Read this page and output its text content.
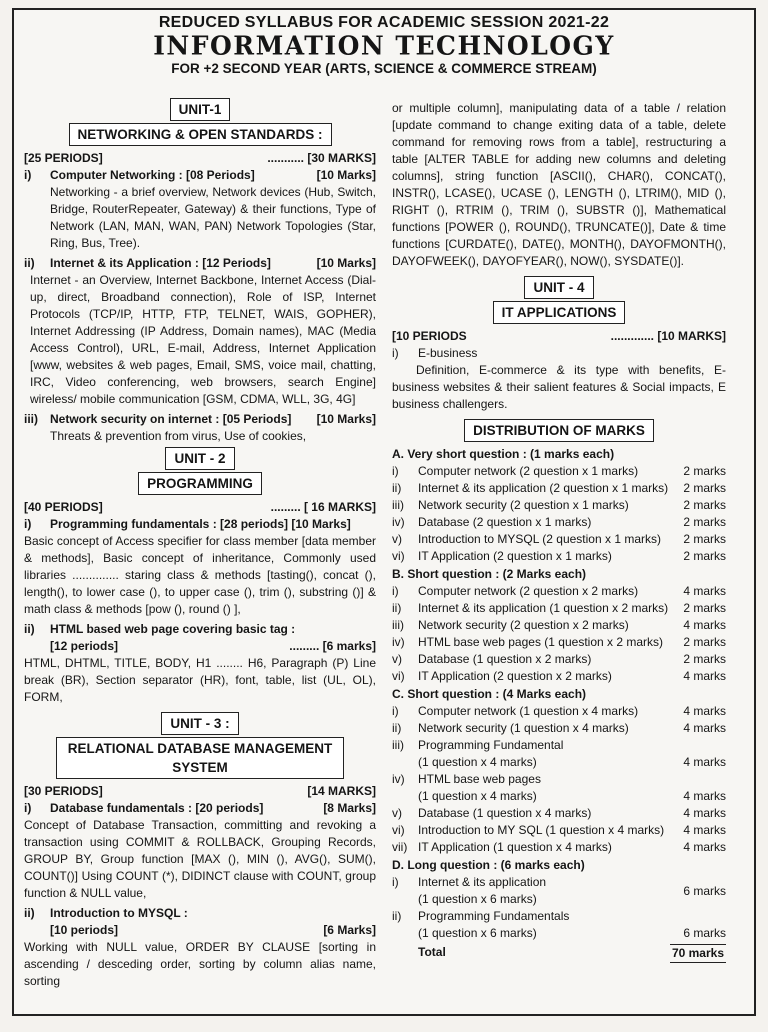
REDUCED SYLLABUS FOR ACADEMIC SESSION 2021-22
INFORMATION TECHNOLOGY
FOR +2 SECOND YEAR (ARTS, SCIENCE & COMMERCE STREAM)
UNIT-1
NETWORKING & OPEN STANDARDS :
[25 PERIODS]	........... [30 MARKS]
i)	Computer Networking : [08 Periods]	[10 Marks]
Networking - a brief overview, Network devices (Hub, Switch, Bridge, RouterRepeater, Gateway) & their functions, Type of Network (LAN, MAN, WAN, PAN) Network Topologies (Star, Ring, Bus, Tree).
ii)	Internet & its Application : [12 Periods]	[10 Marks]
Internet - an Overview, Internet Backbone, Internet Access (Dial-up, direct, Broadband connection), Role of ISP, Internet Protocols (TCP/IP, HTTP, FTP, TELNET, WAIS, GOPHER), Internet Addressing (IP Address, Domain names), MAC (Media Access Control), URL, E-mail, Address, Internet Application [www, websites & web pages, Email, SMS, voice mail, chatting, IRC, Video conferencing, web browsers, search Engine] wireless/ mobile communication [GSM, CDMA, WLL, 3G, 4G]
iii)	Network security on internet : [05 Periods]	[10 Marks]
Threats & prevention from virus, Use of cookies,
UNIT - 2
PROGRAMMING
[40 PERIODS]	......... [ 16 MARKS]
i)	Programming fundamentals : [28 periods] [10 Marks]
Basic concept of Access specifier for class member [data member & methods], Basic concept of inheritance, Commonly used libraries .............. staring class & methods [tasting(), concat (), length(), to lower case (), to upper case (), trim (), substring ()] & math class & methods [pow (), round () ],
ii)	HTML based web page covering basic tag :
[12 periods]	......... [6 marks]
HTML, DHTML, TITLE, BODY, H1 ........ H6, Paragraph (P) Line break (BR), Section separator (HR), font, table, list (UL, OL), FORM,
UNIT - 3 :
RELATIONAL DATABASE MANAGEMENT SYSTEM
[30 PERIODS]	[14 MARKS]
i)	Database fundamentals : [20 periods]	[8 Marks]
Concept of Database Transaction, committing and revoking a transaction using COMMIT & ROLLBACK, Grouping Records, GROUP BY, Group function [MAX (), MIN (), AVG(), SUM(), COUNT()] Using COUNT (*), DIDINCT clause with COUNT, group function & NULL value,
ii)	Introduction to MYSQL :
[10 periods]	[6 Marks]
Working with NULL value, ORDER BY CLAUSE [sorting in ascending / desceding order, sorting by column alias name, sorting
or multiple column], manipulating data of a table / relation [update command to change exiting data of a table, delete command for removing rows from a table], restructuring a table [ALTER TABLE for adding new columns and deleting columns], string function [ASCII(), CHAR(), CONCAT(), INSTR(), LCASE(), UCASE (), LENGTH (), LTRIM(), MID (), RIGHT (), RTRIM (), TRIM (), SUBSTR ()], Mathematical functions [POWER (), ROUND(), TRUNCATE()], Date & time functions [CURDATE(), DATE(), MONTH(), DAYOFMONTH(), DAYOFWEEK(), DAYOFYEAR(), NOW(), SYSDATE()].
UNIT - 4
IT APPLICATIONS
[10 PERIODS	............. [10 MARKS]
i)	E-business
Definition, E-commerce & its type with benefits, E-business websites & their salient features & Social impacts, E business challengers.
DISTRIBUTION OF MARKS
A. Very short question : (1 marks each)
i)	Computer network (2 question x 1 marks)	2 marks
ii)	Internet & its application (2 question x 1 marks)	2 marks
iii)	Network security (2 question x 1 marks)	2 marks
iv)	Database (2 question x 1 marks)	2 marks
v)	Introduction to MYSQL (2 question x 1 marks)	2 marks
vi)	IT Application (2 question x 1 marks)	2 marks
B. Short question : (2 Marks each)
i)	Computer network (2 question x 2 marks)	4 marks
ii)	Internet & its application (1 question x 2 marks)	2 marks
iii)	Network security (2 question x 2 marks)	4 marks
iv)	HTML base web pages (1 question x 2 marks)	2 marks
v)	Database (1 question x 2 marks)	2 marks
vi)	IT Application (2 question x 2 marks)	4 marks
C. Short question : (4 Marks each)
i)	Computer network (1 question x 4 marks)	4 marks
ii)	Network security (1 question x 4 marks)	4 marks
iii)	Programming Fundamental
(1 question x 4 marks)	4 marks
iv)	HTML base web pages
(1 question x 4 marks)	4 marks
v)	Database (1 question x 4 marks)	4 marks
vi)	Introduction to MY SQL (1 question x 4 marks)	4 marks
vii) IT Application (1 question x 4 marks)	4 marks
D. Long question : (6 marks each)
i)	Internet & its application
(1 question x 6 marks)
6 marks
ii)	Programming Fundamentals
(1 question x 6 marks)	6 marks
Total	70 marks
